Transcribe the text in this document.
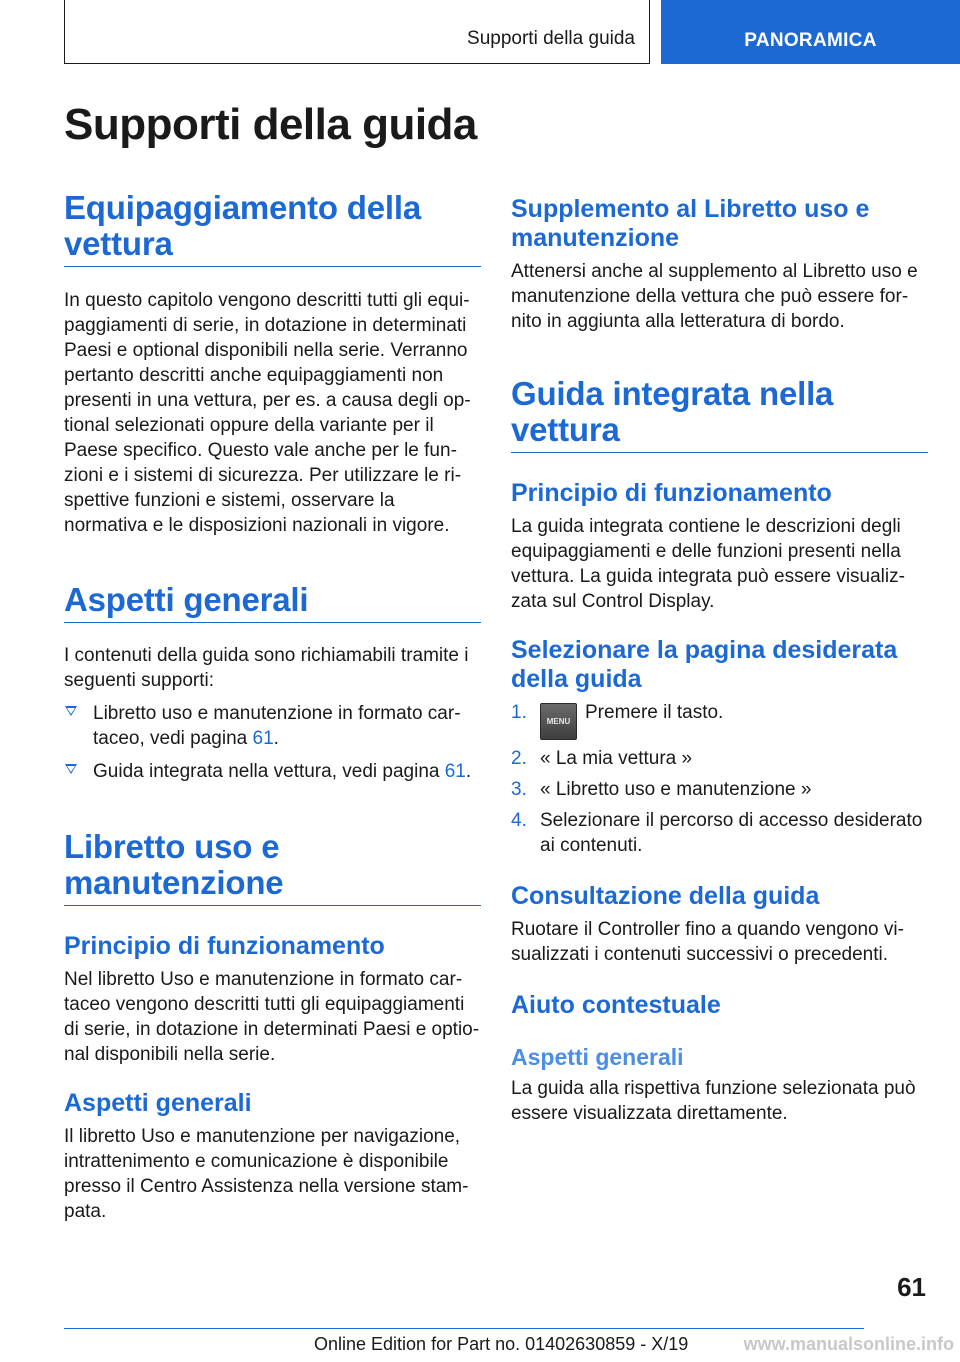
Supporti della guida	PANORAMICA
Supporti della guida
Equipaggiamento della vettura

In questo capitolo vengono descritti tutti gli equipaggiamenti di serie, in dotazione in determinati Paesi e optional disponibili nella serie. Verranno pertanto descritti anche equipaggiamenti non presenti in una vettura, per es. a causa degli optional selezionati oppure della variante per il Paese specifico. Questo vale anche per le funzioni e i sistemi di sicurezza. Per utilizzare le rispettive funzioni e sistemi, osservare la normativa e le disposizioni nazionali in vigore.

Aspetti generali

I contenuti della guida sono richiamabili tramite i seguenti supporti:

Libretto uso e manutenzione in formato cartaceo, vedi pagina 61.
Guida integrata nella vettura, vedi pagina 61.
Libretto uso e manutenzione
Principio di funzionamento

Nel libretto Uso e manutenzione in formato cartaceo vengono descritti tutti gli equipaggiamenti di serie, in dotazione in determinati Paesi e optional disponibili nella serie.

Aspetti generali

Il libretto Uso e manutenzione per navigazione, intrattenimento e comunicazione è disponibile presso il Centro Assistenza nella versione stampata.

Supplemento al Libretto uso e manutenzione

Attenersi anche al supplemento al Libretto uso e manutenzione della vettura che può essere fornito in aggiunta alla letteratura di bordo.

Guida integrata nella vettura
Principio di funzionamento

La guida integrata contiene le descrizioni degli equipaggiamenti e delle funzioni presenti nella vettura. La guida integrata può essere visualizzata sul Control Display.

Selezionare la pagina desiderata della guida
1. MENU Premere il tasto.
2. « La mia vettura »
3. « Libretto uso e manutenzione »
4. Selezionare il percorso di accesso desiderato ai contenuti.
Consultazione della guida

Ruotare il Controller fino a quando vengono visualizzati i contenuti successivi o precedenti.

Aiuto contestuale
Aspetti generali

La guida alla rispettiva funzione selezionata può essere visualizzata direttamente.

61
Online Edition for Part no. 01402630859 - X/19	www.manualsonline.info
